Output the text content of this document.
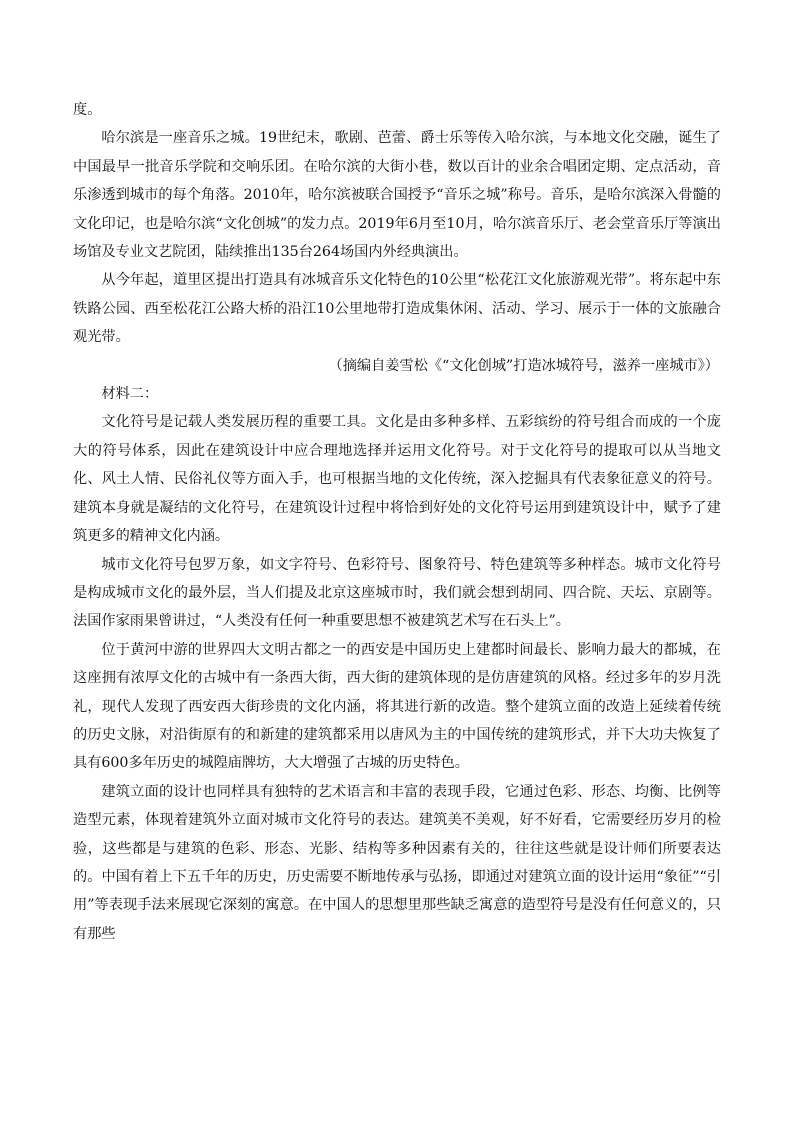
度。

哈尔滨是一座音乐之城。19世纪末，歌剧、芭蕾、爵士乐等传入哈尔滨，与本地文化交融，诞生了中国最早一批音乐学院和交响乐团。在哈尔滨的大街小巷，数以百计的业余合唱团定期、定点活动，音乐渗透到城市的每个角落。2010年，哈尔滨被联合国授予“音乐之城”称号。音乐，是哈尔滨深入骨髓的文化印记，也是哈尔滨“文化创城”的发力点。2019年6月至10月，哈尔滨音乐厅、老会堂音乐厅等演出场馆及专业文艺院团，陆续推出135台264场国内外经典演出。

从今年起，道里区提出打造具有冰城音乐文化特色的10公里“松花江文化旅游观光带”。将东起中东铁路公园、西至松花江公路大桥的沿江10公里地带打造成集休闲、活动、学习、展示于一体的文旅融合观光带。

（摘编自姜雪松《“文化创城”打造冰城符号，滋养一座城市》）

材料二：

文化符号是记载人类发展历程的重要工具。文化是由多种多样、五彩缤纷的符号组合而成的一个庞大的符号体系，因此在建筑设计中应合理地选择并运用文化符号。对于文化符号的提取可以从当地文化、风土人情、民俗礼仪等方面入手，也可根据当地的文化传统，深入挖掘具有代表象征意义的符号。建筑本身就是凝结的文化符号，在建筑设计过程中将恰到好处的文化符号运用到建筑设计中，赋予了建筑更多的精神文化内涵。

城市文化符号包罗万象，如文字符号、色彩符号、图象符号、特色建筑等多种样态。城市文化符号是构成城市文化的最外层，当人们提及北京这座城市时，我们就会想到胡同、四合院、天坛、京剧等。法国作家雨果曾讲过，“人类没有任何一种重要思想不被建筑艺术写在石头上”。

位于黄河中游的世界四大文明古都之一的西安是中国历史上建都时间最长、影响力最大的都城，在这座拥有浓厚文化的古城中有一条西大街，西大街的建筑体现的是仿唐建筑的风格。经过多年的岁月洗礼，现代人发现了西安西大街珍贵的文化内涵，将其进行新的改造。整个建筑立面的改造上延续着传统的历史文脉，对沿街原有的和新建的建筑都采用以唐风为主的中国传统的建筑形式，并下大功夫恢复了具有600多年历史的城隍庙牌坊，大大增强了古城的历史特色。

建筑立面的设计也同样具有独特的艺术语言和丰富的表现手段，它通过色彩、形态、均衡、比例等造型元素，体现着建筑外立面对城市文化符号的表达。建筑美不美观，好不好看，它需要经历岁月的检验，这些都是与建筑的色彩、形态、光影、结构等多种因素有关的，往往这些就是设计师们所要表达的。中国有着上下五千年的历史，历史需要不断地传承与弘扬，即通过对建筑立面的设计运用“象征”“引用”等表现手法来展现它深刻的寓意。在中国人的思想里那些缺乏寓意的造型符号是没有任何意义的，只有那些
